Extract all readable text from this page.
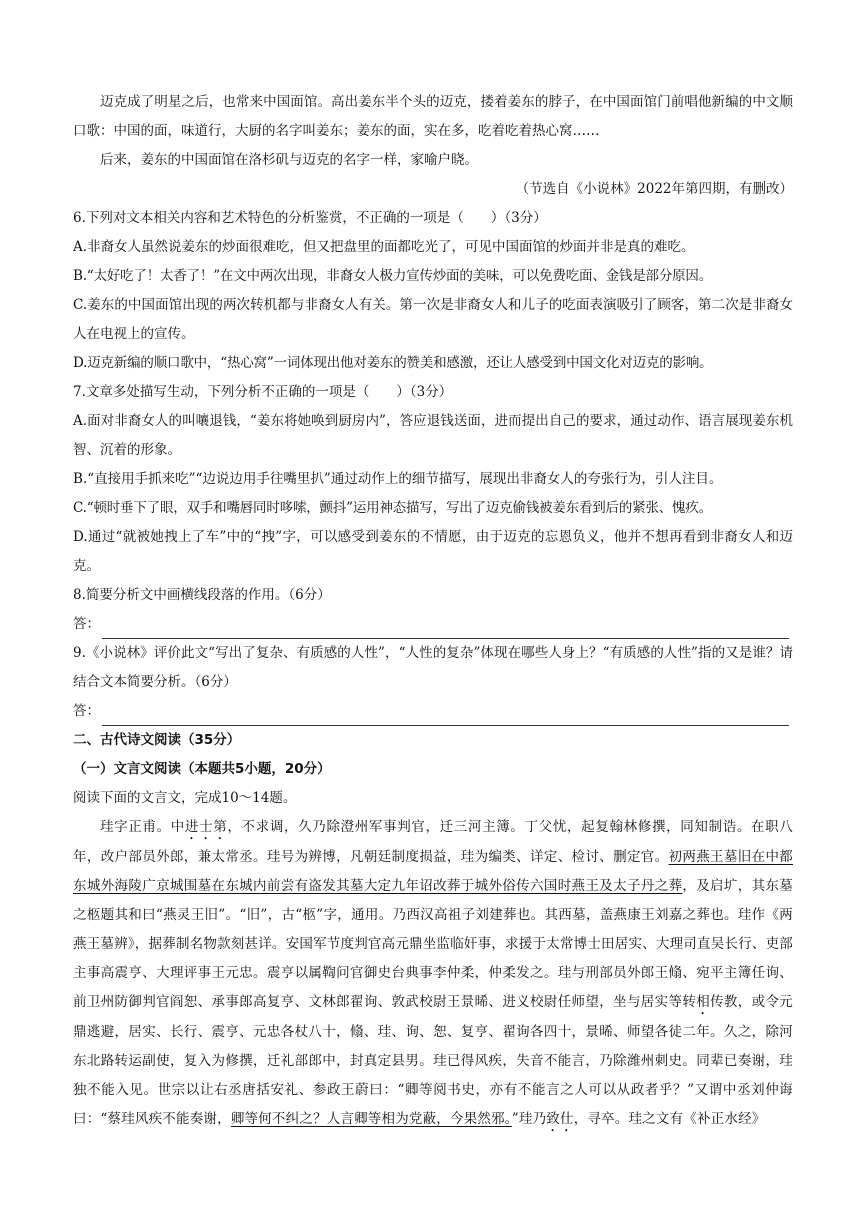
迈克成了明星之后，也常来中国面馆。高出姜东半个头的迈克，搂着姜东的脖子，在中国面馆门前唱他新编的中文顺口歌：中国的面，味道行，大厨的名字叫姜东；姜东的面，实在多，吃着吃着热心窝……
后来，姜东的中国面馆在洛杉矶与迈克的名字一样，家喻户晓。
（节选自《小说林》2022年第四期，有删改）
6.下列对文本相关内容和艺术特色的分析鉴赏，不正确的一项是（　　）（3分）
A.非裔女人虽然说姜东的炒面很难吃，但又把盘里的面都吃光了，可见中国面馆的炒面并非是真的难吃。
B.“太好吃了！太香了！”在文中两次出现，非裔女人极力宣传炒面的美味，可以免费吃面、金钱是部分原因。
C.姜东的中国面馆出现的两次转机都与非裔女人有关。第一次是非裔女人和儿子的吃面表演吸引了顾客，第二次是非裔女人在电视上的宣传。
D.迈克新编的顺口歌中，“热心窝”一词体现出他对姜东的赞美和感激，还让人感受到中国文化对迈克的影响。
7.文章多处描写生动，下列分析不正确的一项是（　　）（3分）
A.面对非裔女人的叫嚷退钱，“姜东将她唤到厨房内”，答应退钱送面，进而提出自己的要求，通过动作、语言展现姜东机智、沉着的形象。
B.“直接用手抓来吃”“边说边用手往嘴里扒”通过动作上的细节描写，展现出非裔女人的夸张行为，引人注目。
C.“顿时垂下了眼，双手和嘴唇同时哆嗦，颤抖”运用神态描写，写出了迈克偷钱被姜东看到后的紧张、愧疚。
D.通过“就被她拽上了车”中的“拽”字，可以感受到姜东的不情愿，由于迈克的忘恩负义，他并不想再看到非裔女人和迈克。
8.简要分析文中画横线段落的作用。（6分）
答：
9.《小说林》评价此文“写出了复杂、有质感的人性”，“人性的复杂”体现在哪些人身上？“有质感的人性”指的又是谁？请结合文本简要分析。（6分）
答：
二、古代诗文阅读（35分）
（一）文言文阅读（本题共5小题，20分）
阅读下面的文言文，完成10～14题。
珪字正甫。中进士第，不求调，久乃除澄州军事判官，迁三河主簿。丁父忧，起复翰林修撰，同知制诰。在职八年，改户部员外郎，兼太常丞。珪号为辨博，凡朝廷制度损益，珪为编类、详定、检讨、删定官。初两燕王墓旧在中都东城外海陵广京城围墓在东城内前尝有盗发其墓大定九年诏改葬于城外俗传六国时燕王及太子丹之葬，及启圹，其东墓之柩题其和曰“燕灵王旧”。“旧”，古“柩”字，通用。乃西汉高祖子刘建葬也。其西墓，盖燕康王刘嘉之葬也。珪作《两燕王墓辨》，据葬制名物款刻甚详。安国军节度判官高元鼎坐监临奸事，求援于太常博士田居实、大理司直吴长行、吏部主事高震亨、大理评事王元忠。震亨以属鞫问官御史台典事李仲柔，仲柔发之。珪与刑部员外郎王翛、宛平主簿任询、前卫州防御判官阎恕、承事郎高复亨、文林郎翟询、敦武校尉王景晞、进义校尉任师望，坐与居实等转相传教，或令元鼎逃避，居实、长行、震亨、元忠各杖八十，翛、珪、询、恕、复亨、翟询各四十，景晞、师望各徒二年。久之，除河东北路转运副使，复入为修撰，迁礼部郎中，封真定县男。珪已得风疾，失音不能言，乃除潍州刺史。同辈已奏谢，珪独不能入见。世宗以让右丞唐括安礼、参政王蔚曰：“卿等阅书史，亦有不能言之人可以从政者乎？”又谓中丞刘仲诲曰：“蔡珪风疾不能奏谢，卿等何不纠之？人言卿等相为党蔽，今果然邪。”珪乃致仕，寻卒。珪之文有《补正水经》
